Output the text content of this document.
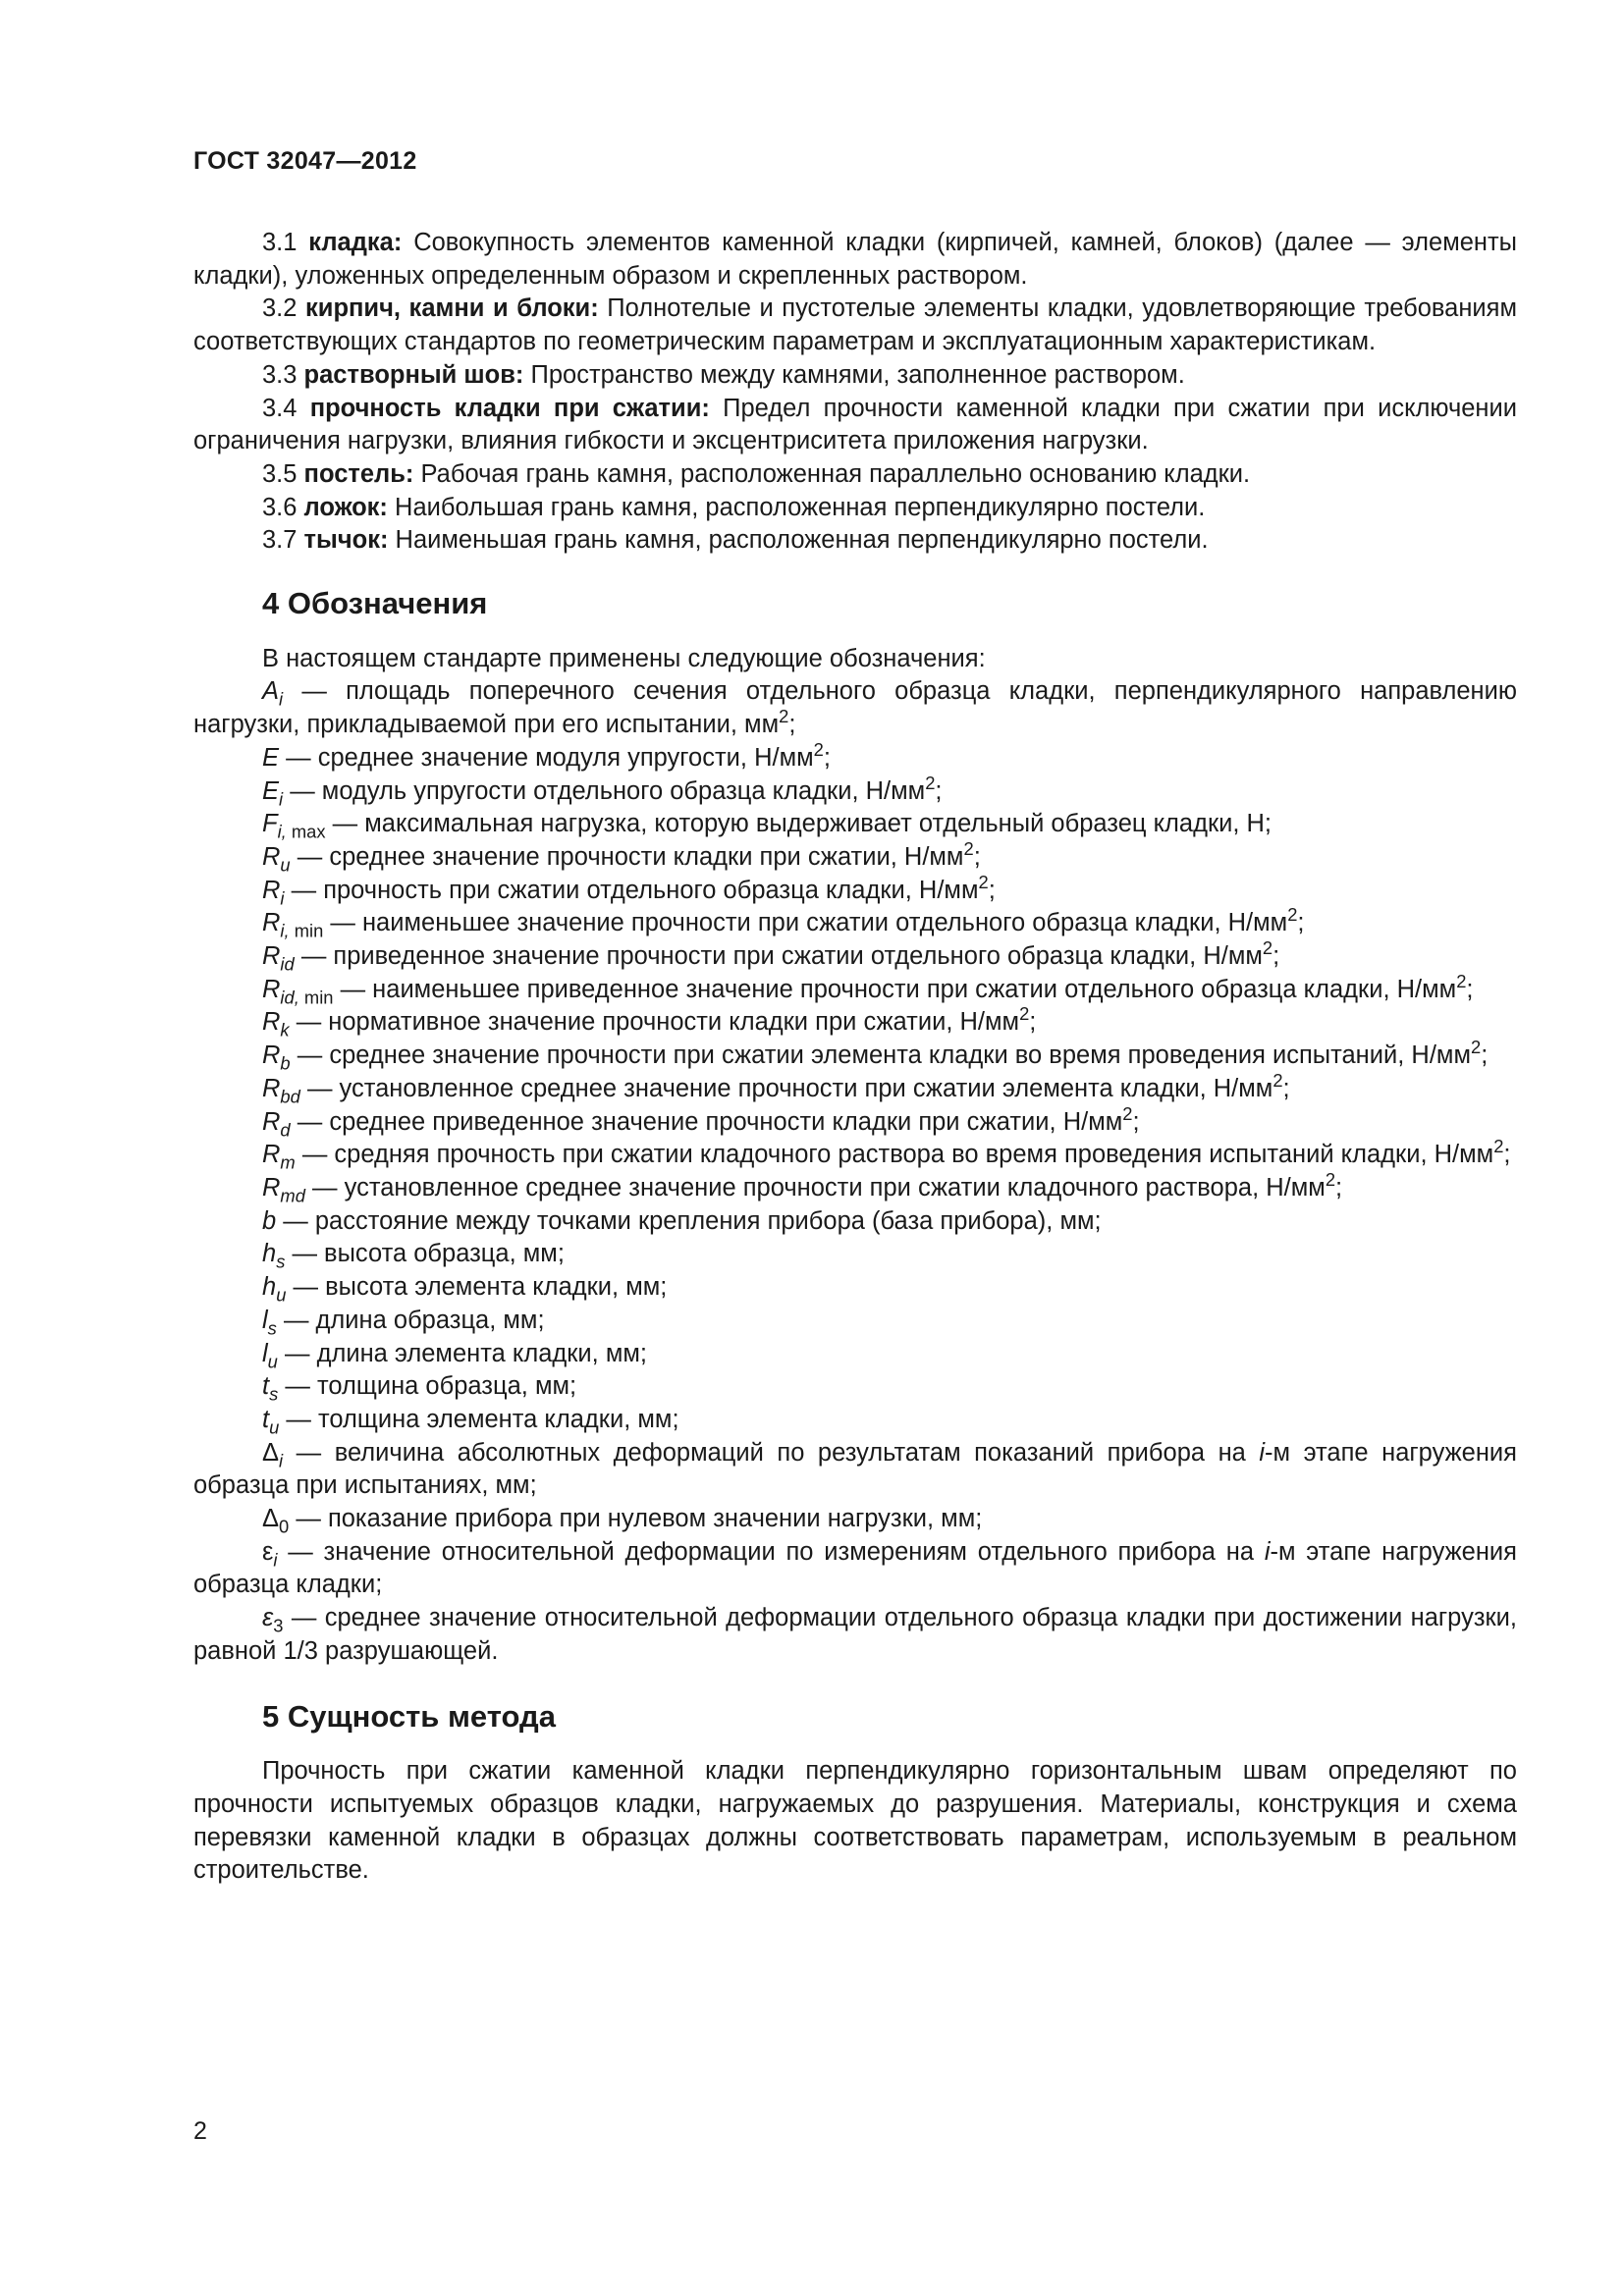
ГОСТ 32047—2012

3.1 кладка: Совокупность элементов каменной кладки (кирпичей, камней, блоков) (далее — элементы кладки), уложенных определенным образом и скрепленных раствором.

3.2 кирпич, камни и блоки: Полнотелые и пустотелые элементы кладки, удовлетворяющие требованиям соответствующих стандартов по геометрическим параметрам и эксплуатационным характеристикам.

3.3 растворный шов: Пространство между камнями, заполненное раствором.

3.4 прочность кладки при сжатии: Предел прочности каменной кладки при сжатии при исключении ограничения нагрузки, влияния гибкости и эксцентриситета приложения нагрузки.

3.5 постель: Рабочая грань камня, расположенная параллельно основанию кладки.

3.6 ложок: Наибольшая грань камня, расположенная перпендикулярно постели.

3.7 тычок: Наименьшая грань камня, расположенная перпендикулярно постели.

4 Обозначения

В настоящем стандарте применены следующие обозначения:

$A_i$ — площадь поперечного сечения отдельного образца кладки, перпендикулярного направлению нагрузки, прикладываемой при его испытании, $мм^2$;

E — среднее значение модуля упругости, $Н/мм^2$;

$E_i$ — модуль упругости отдельного образца кладки, $Н/мм^2$;

$F_{i, max}$ — максимальная нагрузка, которую выдерживает отдельный образец кладки, Н;

$R_u$ — среднее значение прочности кладки при сжатии, $Н/мм^2$;

$R_i$ — прочность при сжатии отдельного образца кладки, $Н/мм^2$;

$R_{i, min}$ — наименьшее значение прочности при сжатии отдельного образца кладки, $Н/мм^2$;

$R_{id}$ — приведенное значение прочности при сжатии отдельного образца кладки, $Н/мм^2$;

$R_{id, min}$ — наименьшее приведенное значение прочности при сжатии отдельного образца кладки, $Н/мм^2$;

$R_k$ — нормативное значение прочности кладки при сжатии, $Н/мм^2$;

$R_b$ — среднее значение прочности при сжатии элемента кладки во время проведения испытаний, $Н/мм^2$;

$R_{bd}$ — установленное среднее значение прочности при сжатии элемента кладки, $Н/мм^2$;

$R_d$ — среднее приведенное значение прочности кладки при сжатии, $Н/мм^2$;

$R_m$ — средняя прочность при сжатии кладочного раствора во время проведения испытаний кладки, $Н/мм^2$;

$R_{md}$ — установленное среднее значение прочности при сжатии кладочного раствора, $Н/мм^2$;

b — расстояние между точками крепления прибора (база прибора), мм;

$h_s$ — высота образца, мм;

$h_u$ — высота элемента кладки, мм;

$l_s$ — длина образца, мм;

$l_u$ — длина элемента кладки, мм;

$t_s$ — толщина образца, мм;

$t_u$ — толщина элемента кладки, мм;

$\Delta_i$ — величина абсолютных деформаций по результатам показаний прибора на i-м этапе нагружения образца при испытаниях, мм;

$\Delta_0$ — показание прибора при нулевом значении нагрузки, мм;

$\varepsilon_i$ — значение относительной деформации по измерениям отдельного прибора на i-м этапе нагружения образца кладки;

$\varepsilon_3$ — среднее значение относительной деформации отдельного образца кладки при достижении нагрузки, равной 1/3 разрушающей.

5 Сущность метода

Прочность при сжатии каменной кладки перпендикулярно горизонтальным швам определяют по прочности испытуемых образцов кладки, нагружаемых до разрушения. Материалы, конструкция и схема перевязки каменной кладки в образцах должны соответствовать параметрам, используемым в реальном строительстве.

2
